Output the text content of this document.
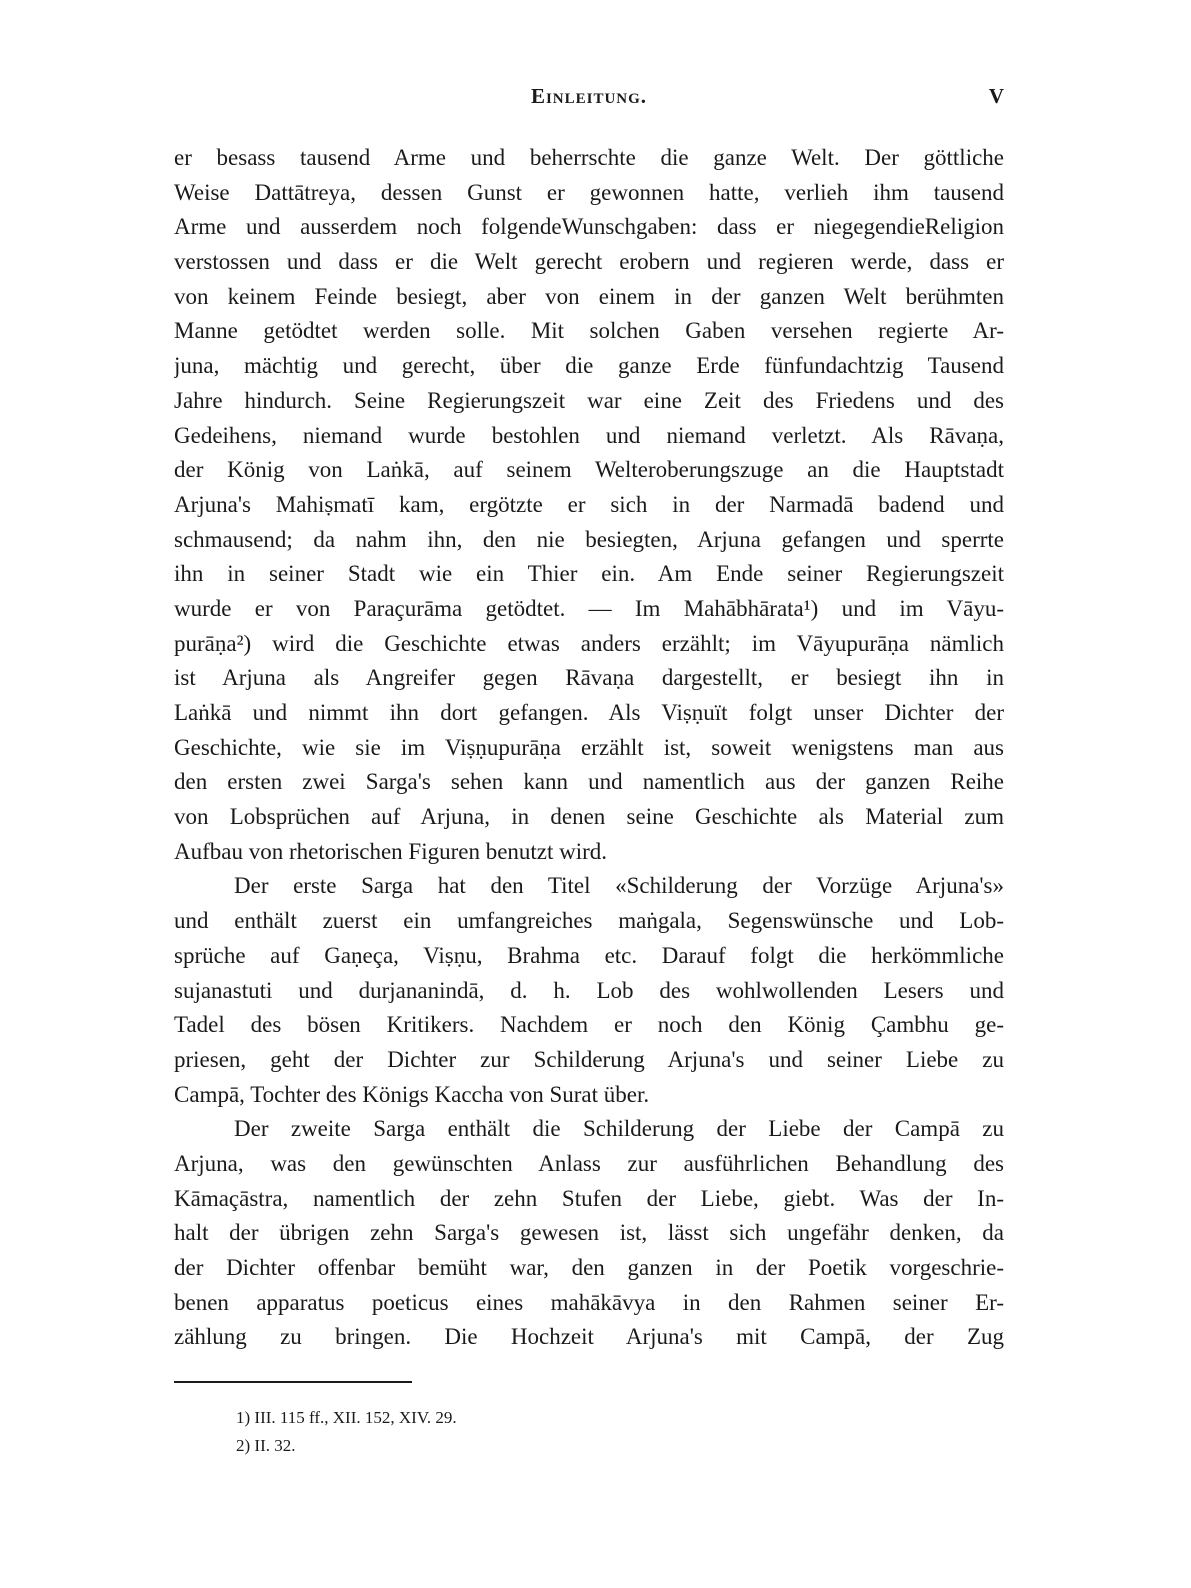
Einleitung.	V
er besass tausend Arme und beherrschte die ganze Welt. Der göttliche
Weise Dattātreya, dessen Gunst er gewonnen hatte, verlieh ihm tausend
Arme und ausserdem noch folgendeWunschgaben: dass er niegegendieReligion
verstossen und dass er die Welt gerecht erobern und regieren werde, dass er
von keinem Feinde besiegt, aber von einem in der ganzen Welt berühmten
Manne getödtet werden solle. Mit solchen Gaben versehen regierte Ar-
juna, mächtig und gerecht, über die ganze Erde fünfundachtzig Tausend
Jahre hindurch. Seine Regierungszeit war eine Zeit des Friedens und des
Gedeihens, niemand wurde bestohlen und niemand verletzt. Als Rāvaṇa,
der König von Laṅkā, auf seinem Welteroberungszuge an die Hauptstadt
Arjuna's Mahiṣmatī kam, ergötzte er sich in der Narmadā badend und
schmausend; da nahm ihn, den nie besiegten, Arjuna gefangen und sperrte
ihn in seiner Stadt wie ein Thier ein. Am Ende seiner Regierungszeit
wurde er von Paraçurāma getödtet. — Im Mahābhārata¹) und im Vāyu-
purāṇa²) wird die Geschichte etwas anders erzählt; im Vāyupurāṇa nämlich
ist Arjuna als Angreifer gegen Rāvaṇa dargestellt, er besiegt ihn in
Laṅkā und nimmt ihn dort gefangen. Als Viṣṇuït folgt unser Dichter der
Geschichte, wie sie im Viṣṇupurāṇa erzählt ist, soweit wenigstens man aus
den ersten zwei Sarga's sehen kann und namentlich aus der ganzen Reihe
von Lobsprüchen auf Arjuna, in denen seine Geschichte als Material zum
Aufbau von rhetorischen Figuren benutzt wird.
Der erste Sarga hat den Titel «Schilderung der Vorzüge Arjuna's»
und enthält zuerst ein umfangreiches maṅgala, Segenswünsche und Lob-
sprüche auf Gaṇeça, Viṣṇu, Brahma etc. Darauf folgt die herkömmliche
sujanastuti und durjananindā, d. h. Lob des wohlwollenden Lesers und
Tadel des bösen Kritikers. Nachdem er noch den König Çambhu ge-
priesen, geht der Dichter zur Schilderung Arjuna's und seiner Liebe zu
Campā, Tochter des Königs Kaccha von Surat über.
Der zweite Sarga enthält die Schilderung der Liebe der Campā zu
Arjuna, was den gewünschten Anlass zur ausführlichen Behandlung des
Kāmaçāstra, namentlich der zehn Stufen der Liebe, giebt. Was der In-
halt der übrigen zehn Sarga's gewesen ist, lässt sich ungefähr denken, da
der Dichter offenbar bemüht war, den ganzen in der Poetik vorgeschrie-
benen apparatus poeticus eines mahākāvya in den Rahmen seiner Er-
zählung zu bringen. Die Hochzeit Arjuna's mit Campā, der Zug
1) III. 115 ff., XII. 152, XIV. 29.
2) II. 32.
